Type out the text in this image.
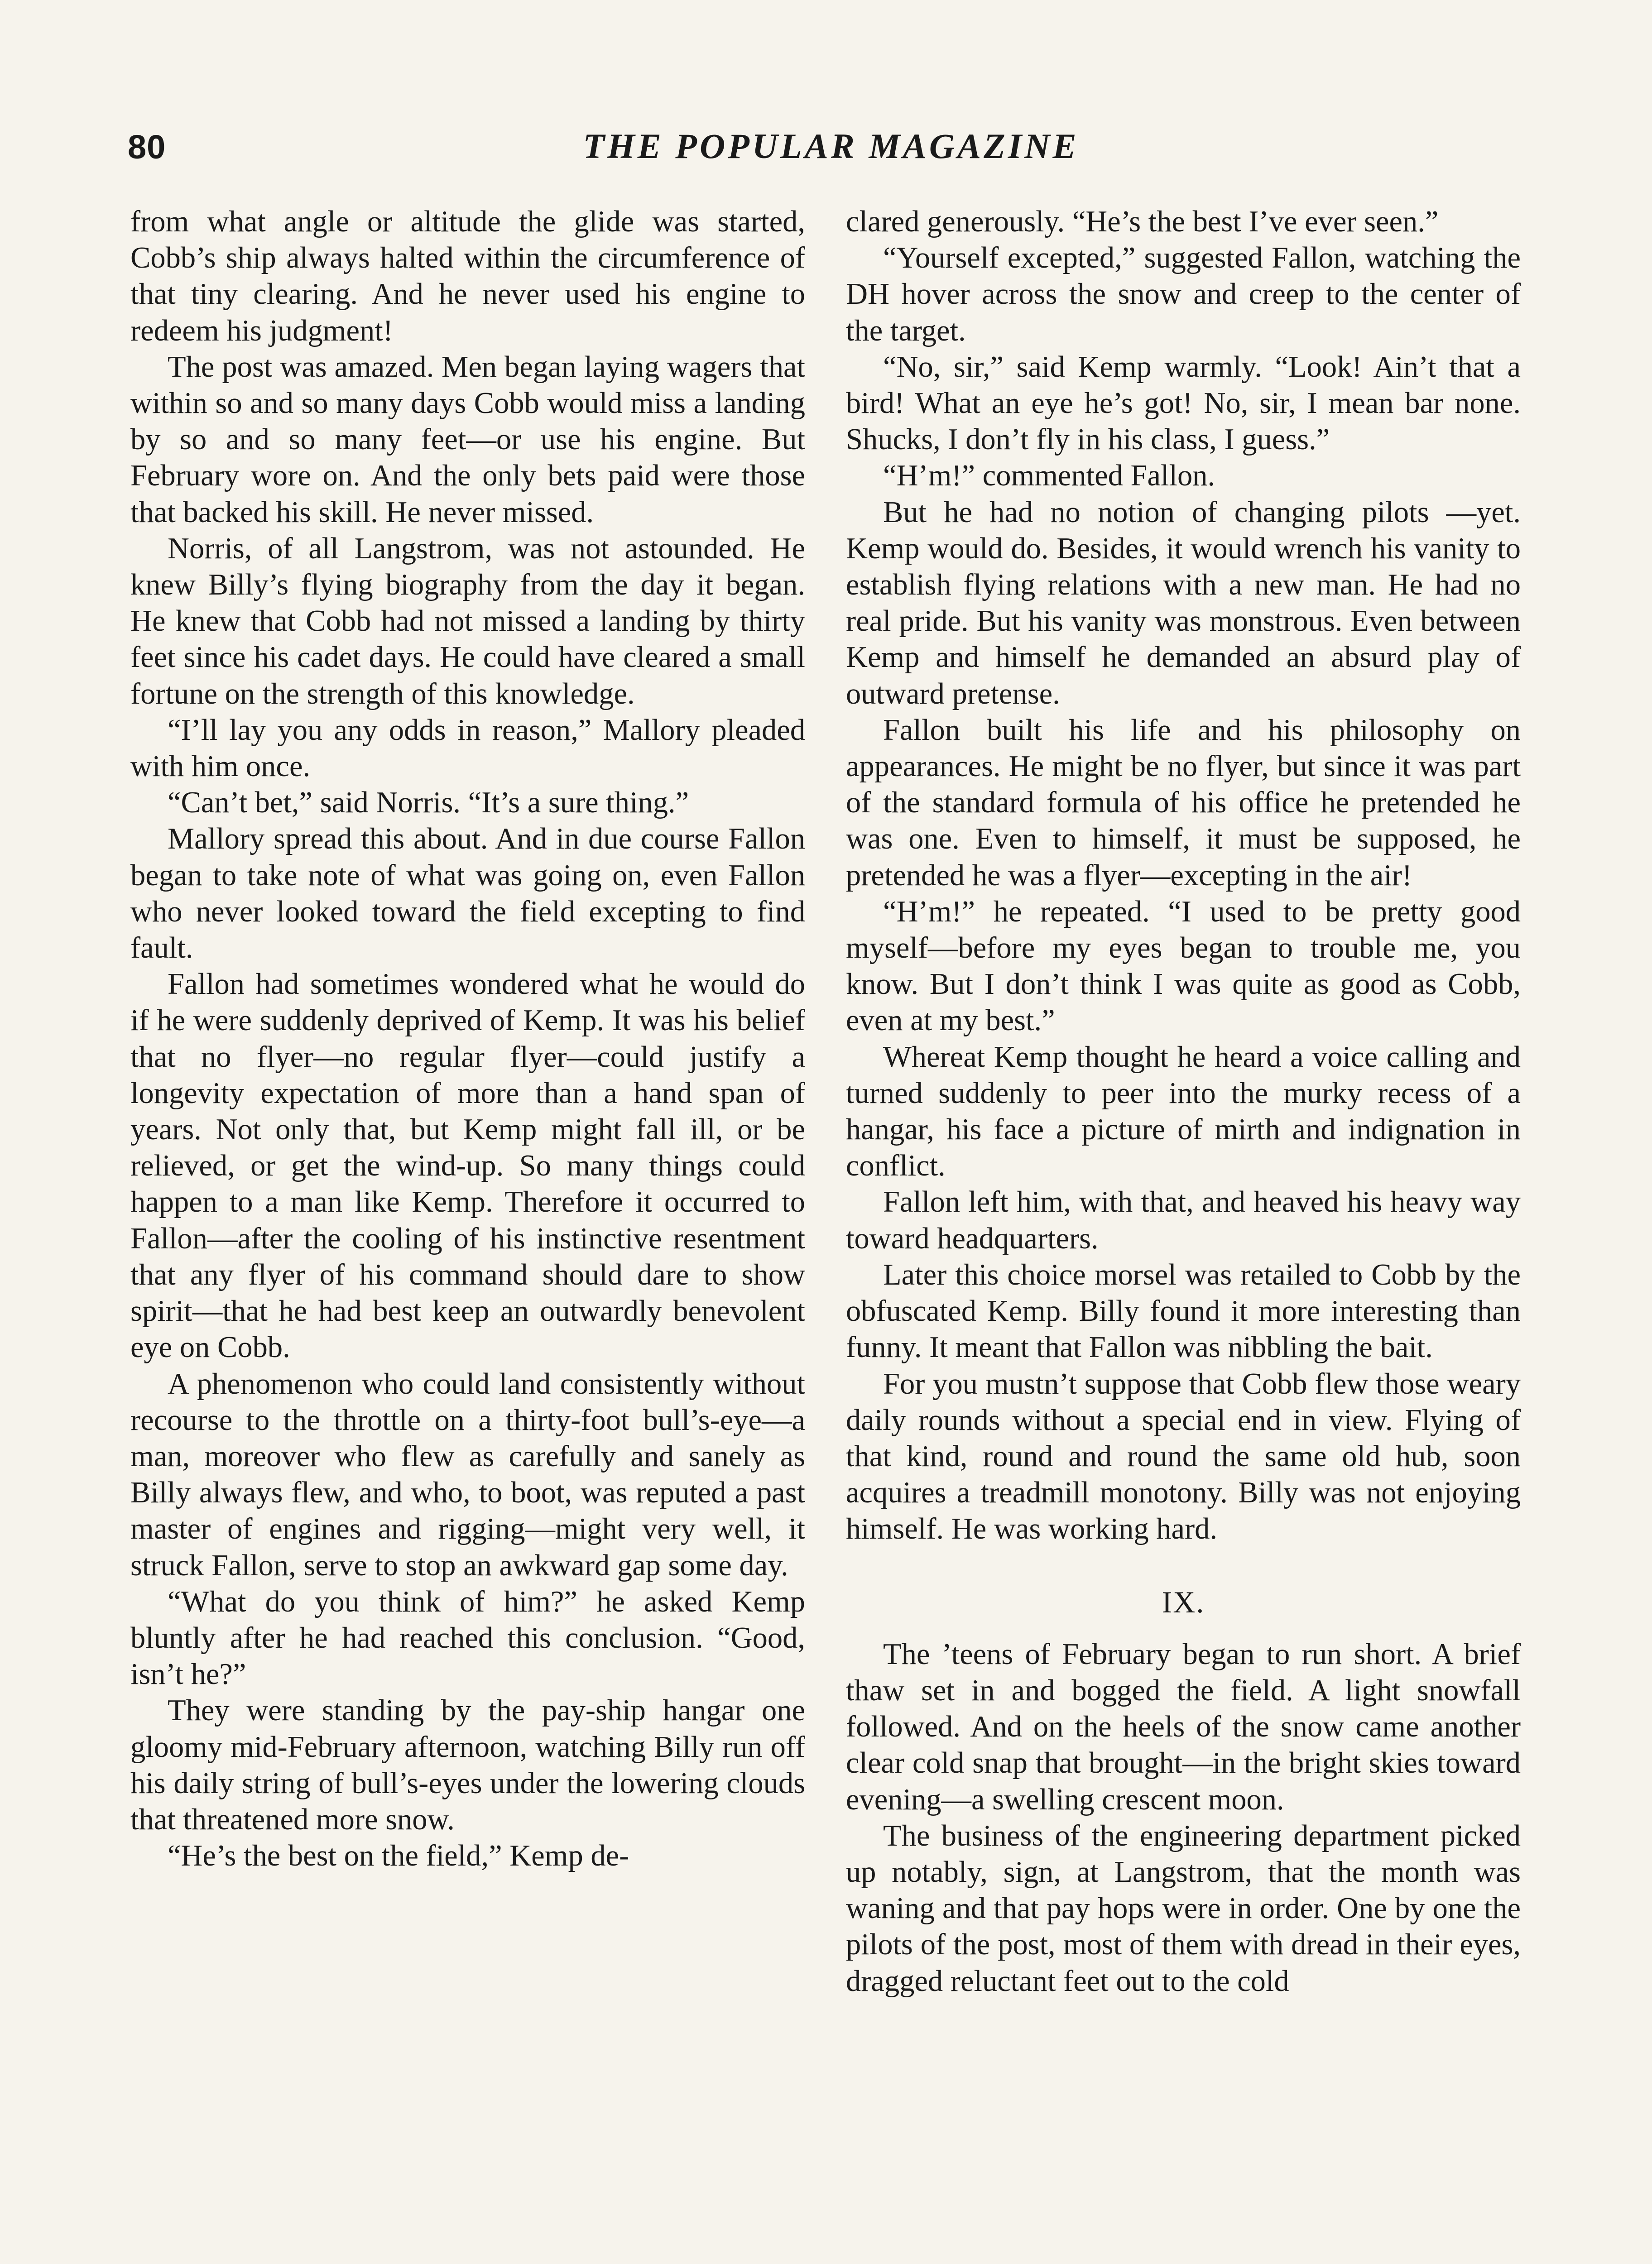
80	THE POPULAR MAGAZINE

from what angle or altitude the glide was started, Cobb’s ship always halted within the circumference of that tiny clearing. And he never used his engine to redeem his judgment!

The post was amazed. Men began laying wagers that within so and so many days Cobb would miss a landing by so and so many feet—or use his engine. But February wore on. And the only bets paid were those that backed his skill. He never missed.

Norris, of all Langstrom, was not astounded. He knew Billy’s flying biography from the day it began. He knew that Cobb had not missed a landing by thirty feet since his cadet days. He could have cleared a small fortune on the strength of this knowledge.

“I’ll lay you any odds in reason,” Mallory pleaded with him once.

“Can’t bet,” said Norris. “It’s a sure thing.”

Mallory spread this about. And in due course Fallon began to take note of what was going on, even Fallon who never looked toward the field excepting to find fault.

Fallon had sometimes wondered what he would do if he were suddenly deprived of Kemp. It was his belief that no flyer—no regular flyer—could justify a longevity expectation of more than a hand span of years. Not only that, but Kemp might fall ill, or be relieved, or get the wind-up. So many things could happen to a man like Kemp. Therefore it occurred to Fallon—after the cooling of his instinctive resentment that any flyer of his command should dare to show spirit—that he had best keep an outwardly benevolent eye on Cobb.

A phenomenon who could land consistently without recourse to the throttle on a thirty-foot bull’s-eye—a man, moreover who flew as carefully and sanely as Billy always flew, and who, to boot, was reputed a past master of engines and rigging—might very well, it struck Fallon, serve to stop an awkward gap some day.

“What do you think of him?” he asked Kemp bluntly after he had reached this conclusion. “Good, isn’t he?”

They were standing by the pay-ship hangar one gloomy mid-February afternoon, watching Billy run off his daily string of bull’s-eyes under the lowering clouds that threatened more snow.

“He’s the best on the field,” Kemp de-

clared generously. “He’s the best I’ve ever seen.”

“Yourself excepted,” suggested Fallon, watching the DH hover across the snow and creep to the center of the target.

“No, sir,” said Kemp warmly. “Look! Ain’t that a bird! What an eye he’s got! No, sir, I mean bar none. Shucks, I don’t fly in his class, I guess.”

“H’m!” commented Fallon.

But he had no notion of changing pilots —yet. Kemp would do. Besides, it would wrench his vanity to establish flying relations with a new man. He had no real pride. But his vanity was monstrous. Even between Kemp and himself he demanded an absurd play of outward pretense.

Fallon built his life and his philosophy on appearances. He might be no flyer, but since it was part of the standard formula of his office he pretended he was one. Even to himself, it must be supposed, he pretended he was a flyer—excepting in the air!

“H’m!” he repeated. “I used to be pretty good myself—before my eyes began to trouble me, you know. But I don’t think I was quite as good as Cobb, even at my best.”

Whereat Kemp thought he heard a voice calling and turned suddenly to peer into the murky recess of a hangar, his face a picture of mirth and indignation in conflict.

Fallon left him, with that, and heaved his heavy way toward headquarters.

Later this choice morsel was retailed to Cobb by the obfuscated Kemp. Billy found it more interesting than funny. It meant that Fallon was nibbling the bait.

For you mustn’t suppose that Cobb flew those weary daily rounds without a special end in view. Flying of that kind, round and round the same old hub, soon acquires a treadmill monotony. Billy was not enjoying himself. He was working hard.

IX.

The ’teens of February began to run short. A brief thaw set in and bogged the field. A light snowfall followed. And on the heels of the snow came another clear cold snap that brought—in the bright skies toward evening—a swelling crescent moon.

The business of the engineering department picked up notably, sign, at Langstrom, that the month was waning and that pay hops were in order. One by one the pilots of the post, most of them with dread in their eyes, dragged reluctant feet out to the cold
